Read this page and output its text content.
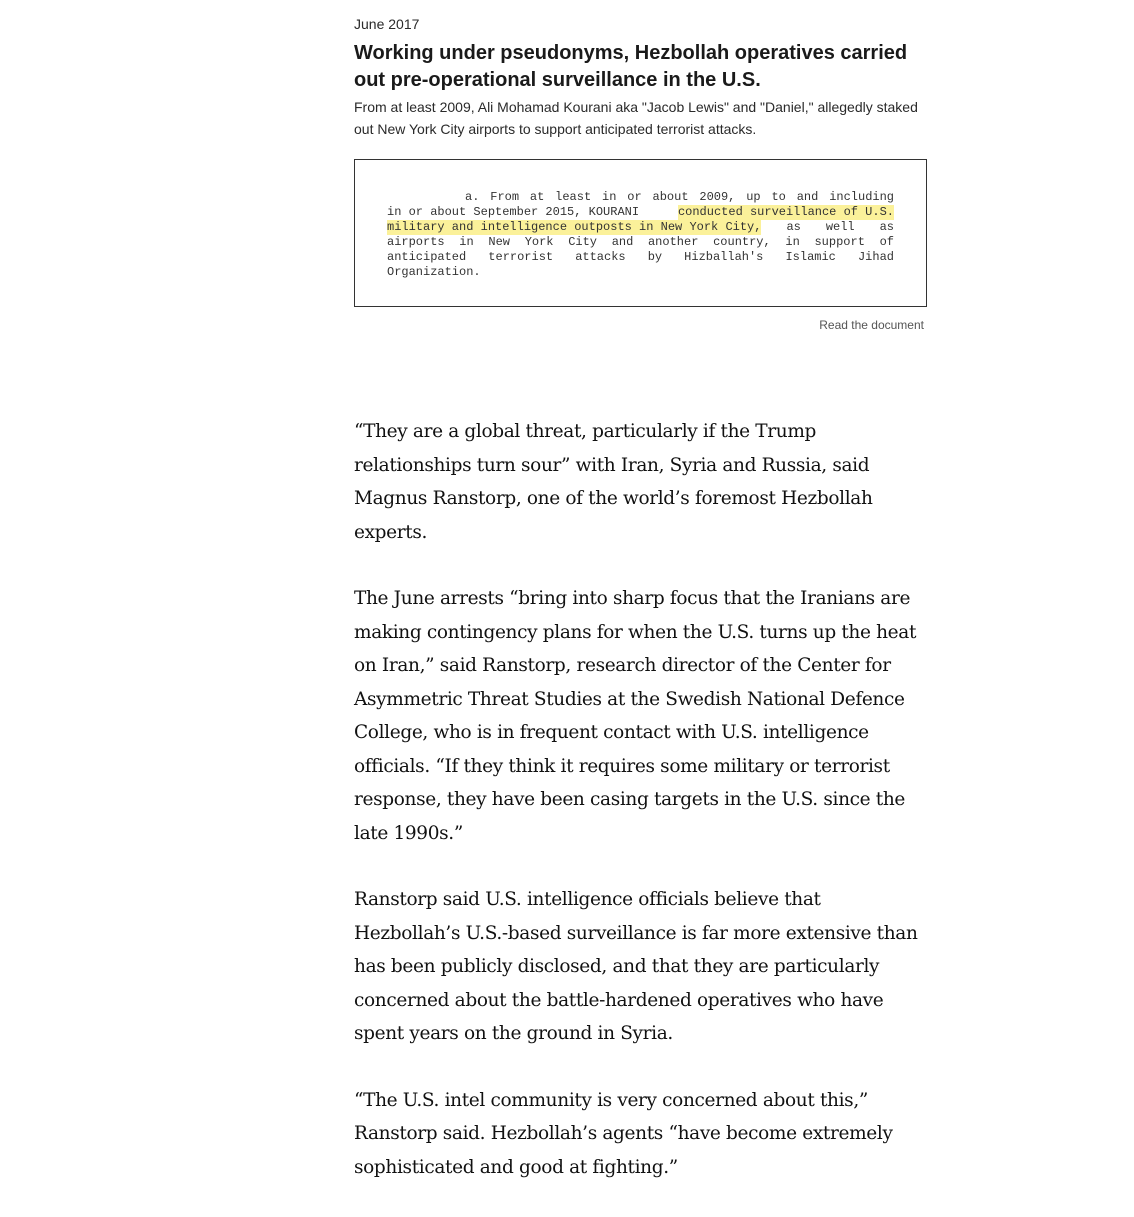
June 2017
Working under pseudonyms, Hezbollah operatives carried out pre-operational surveillance in the U.S.

From at least 2009, Ali Mohamad Kourani aka "Jacob Lewis" and "Daniel," allegedly staked out New York City airports to support anticipated terrorist attacks.

a. From at least in or about 2009, up to and including
in or about September 2015, KOURANI	conducted surveillance of U.S.
military and intelligence outposts in New York City, as well as
airports in New York City and another country, in support of
anticipated terrorist attacks by Hizballah's Islamic Jihad
Organization.
Read the document

“They are a global threat, particularly if the Trump relationships turn sour” with Iran, Syria and Russia, said Magnus Ranstorp, one of the world’s foremost Hezbollah experts.

The June arrests “bring into sharp focus that the Iranians are making contingency plans for when the U.S. turns up the heat on Iran,” said Ranstorp, research director of the Center for Asymmetric Threat Studies at the Swedish National Defence College, who is in frequent contact with U.S. intelligence officials. “If they think it requires some military or terrorist response, they have been casing targets in the U.S. since the late 1990s.”

Ranstorp said U.S. intelligence officials believe that Hezbollah’s U.S.-based surveillance is far more extensive than has been publicly disclosed, and that they are particularly concerned about the battle-hardened operatives who have spent years on the ground in Syria.

“The U.S. intel community is very concerned about this,” Ranstorp said. Hezbollah’s agents “have become extremely sophisticated and good at fighting.”
